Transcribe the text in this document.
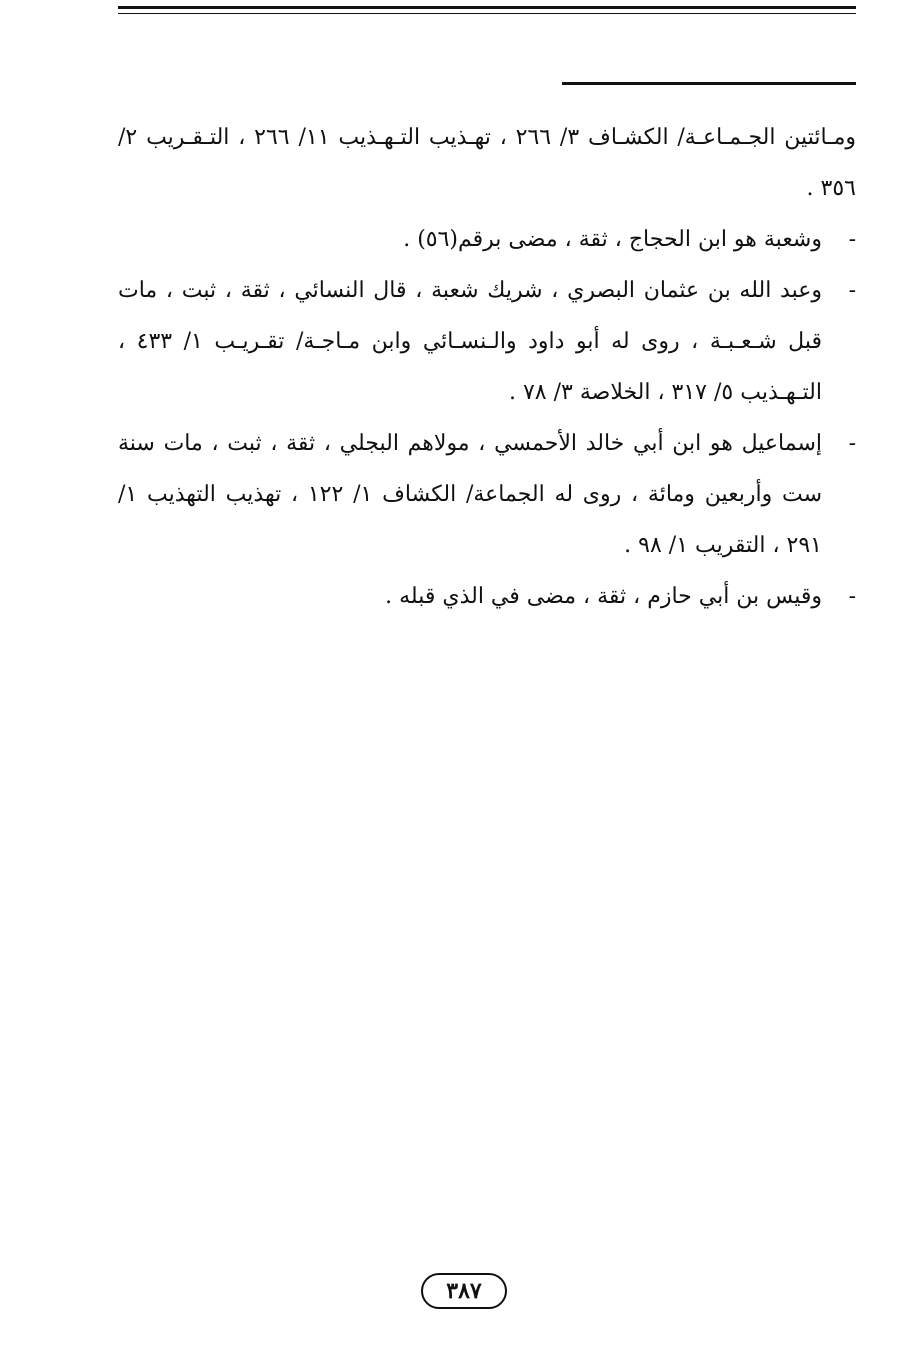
ومـائتين الجـمـاعـة/ الكشـاف ٣/ ٢٦٦ ، تهـذيب التـهـذيب ١١/ ٢٦٦ ، التـقـريب ٢/ ٣٥٦ .

-
وشعبة هو ابن الحجاج ، ثقة ، مضى برقم(٥٦) .

-
وعبد الله بن عثمان البصري ، شريك شعبة ، قال النسائي ، ثقة ، ثبت ، مات قبل شـعـبـة ، روى له أبو داود والـنسـائي وابن مـاجـة/ تقـريـب ١/ ٤٣٣ ، التـهـذيب ٥/ ٣١٧ ، الخلاصة ٣/ ٧٨ .

-
إسماعيل هو ابن أبي خالد الأحمسي ، مولاهم البجلي ، ثقة ، ثبت ، مات سنة ست وأربعين ومائة ، روى له الجماعة/ الكشاف ١/ ١٢٢ ، تهذيب التهذيب ١/ ٢٩١ ، التقريب ١/ ٩٨ .

-
وقيس بن أبي حازم ، ثقة ، مضى في الذي قبله .

٣٨٧
